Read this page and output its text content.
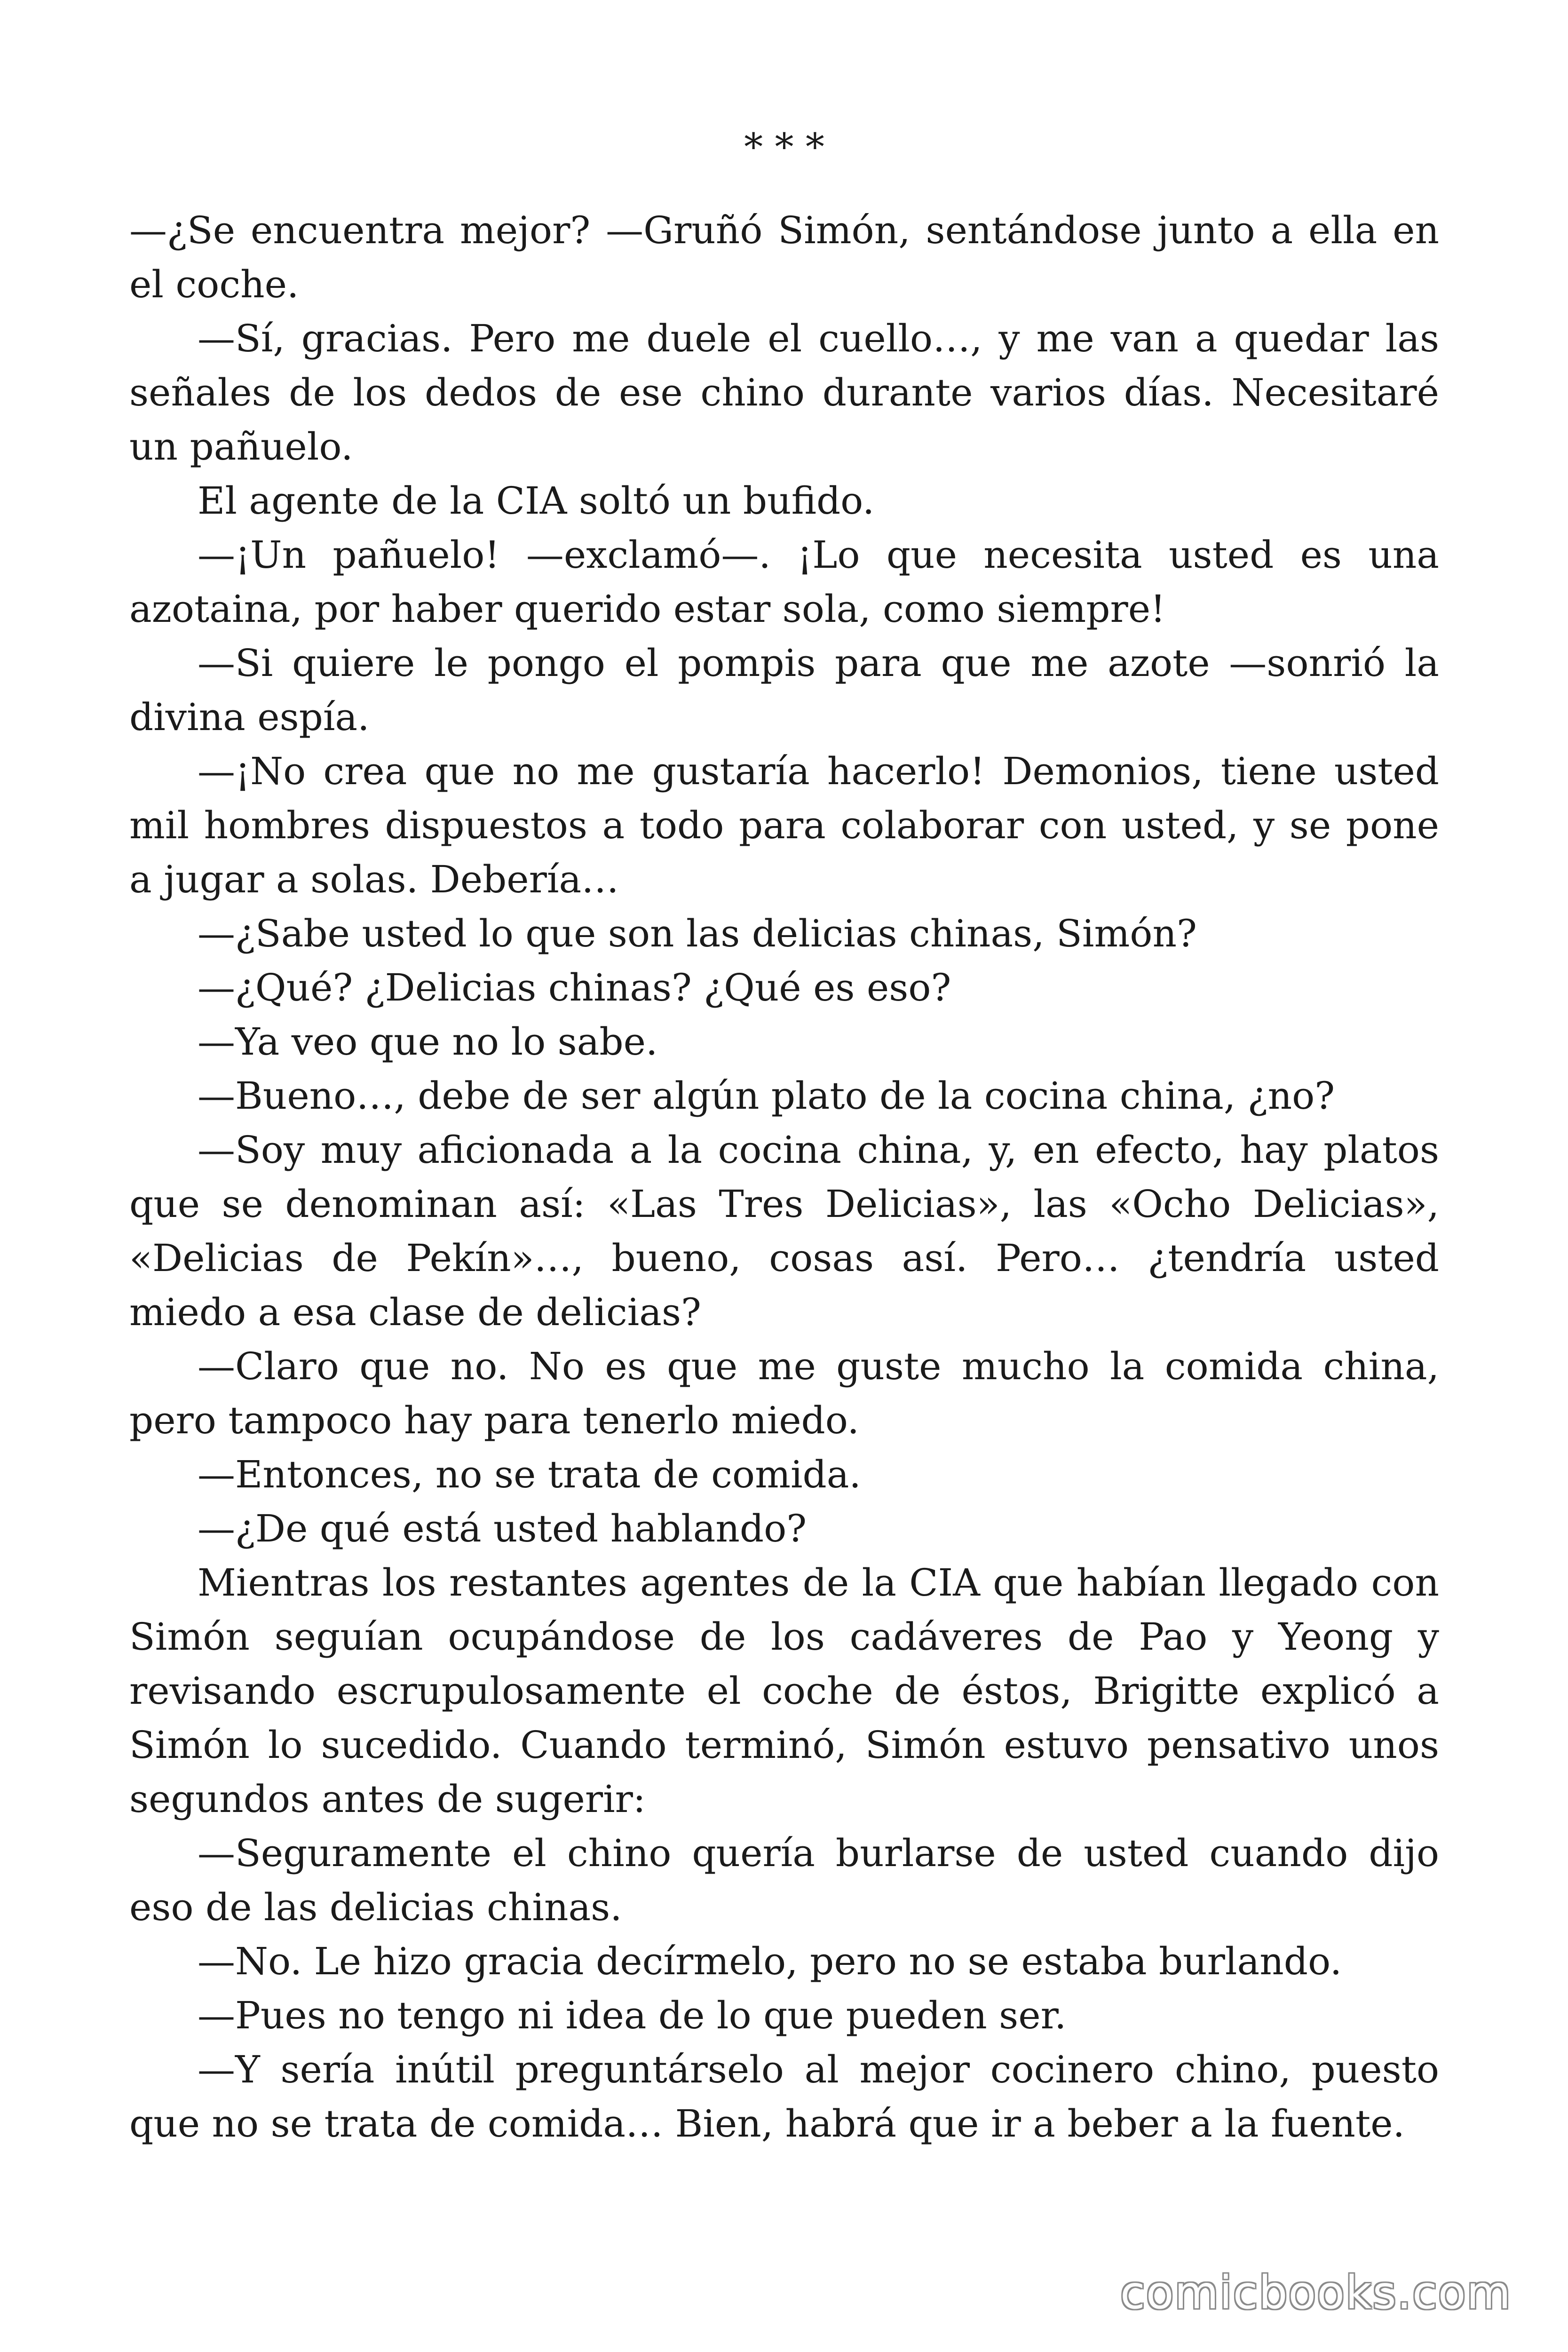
* * *

—¿Se encuentra mejor? —Gruñó Simón, sentándose junto a ella en el coche.

—Sí, gracias. Pero me duele el cuello…, y me van a quedar las señales de los dedos de ese chino durante varios días. Necesitaré un pañuelo.

El agente de la CIA soltó un bufido.

—¡Un pañuelo! —exclamó—. ¡Lo que necesita usted es una azotaina, por haber querido estar sola, como siempre!

—Si quiere le pongo el pompis para que me azote —sonrió la divina espía.

—¡No crea que no me gustaría hacerlo! Demonios, tiene usted mil hombres dispuestos a todo para colaborar con usted, y se pone a jugar a solas. Debería…

—¿Sabe usted lo que son las delicias chinas, Simón?

—¿Qué? ¿Delicias chinas? ¿Qué es eso?

—Ya veo que no lo sabe.

—Bueno…, debe de ser algún plato de la cocina china, ¿no?

—Soy muy aficionada a la cocina china, y, en efecto, hay platos que se denominan así: «Las Tres Delicias», las «Ocho Delicias», «Delicias de Pekín»…, bueno, cosas así. Pero… ¿tendría usted miedo a esa clase de delicias?

—Claro que no. No es que me guste mucho la comida china, pero tampoco hay para tenerlo miedo.

—Entonces, no se trata de comida.

—¿De qué está usted hablando?

Mientras los restantes agentes de la CIA que habían llegado con Simón seguían ocupándose de los cadáveres de Pao y Yeong y revisando escrupulosamente el coche de éstos, Brigitte explicó a Simón lo sucedido. Cuando terminó, Simón estuvo pensativo unos segundos antes de sugerir:

—Seguramente el chino quería burlarse de usted cuando dijo eso de las delicias chinas.

—No. Le hizo gracia decírmelo, pero no se estaba burlando.

—Pues no tengo ni idea de lo que pueden ser.

—Y sería inútil preguntárselo al mejor cocinero chino, puesto que no se trata de comida… Bien, habrá que ir a beber a la fuente.

comicbooks.com
